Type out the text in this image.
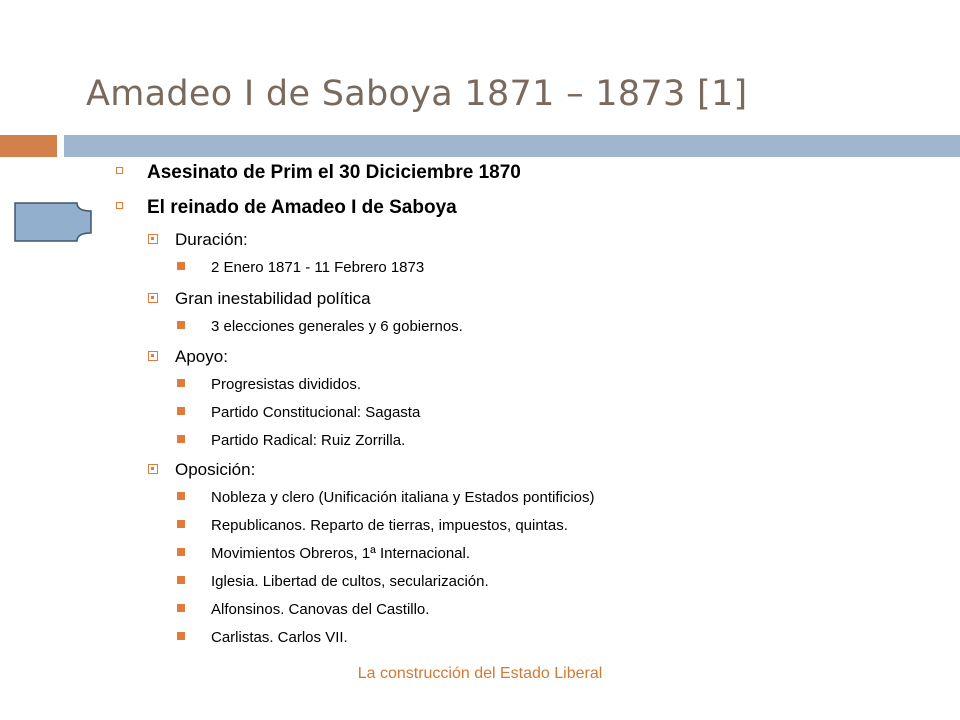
Amadeo I de Saboya 1871 – 1873 [1]
Asesinato de Prim el 30 Diciciembre 1870
El reinado de Amadeo I de Saboya
Duración:
2 Enero 1871 - 11 Febrero 1873
Gran inestabilidad política
3 elecciones generales y 6 gobiernos.
Apoyo:
Progresistas divididos.
Partido Constitucional: Sagasta
Partido Radical: Ruiz Zorrilla.
Oposición:
Nobleza y clero (Unificación italiana y Estados pontificios)
Republicanos. Reparto de tierras, impuestos, quintas.
Movimientos Obreros, 1ª Internacional.
Iglesia. Libertad de cultos, secularización.
Alfonsinos. Canovas del Castillo.
Carlistas. Carlos VII.
La construcción del Estado Liberal
